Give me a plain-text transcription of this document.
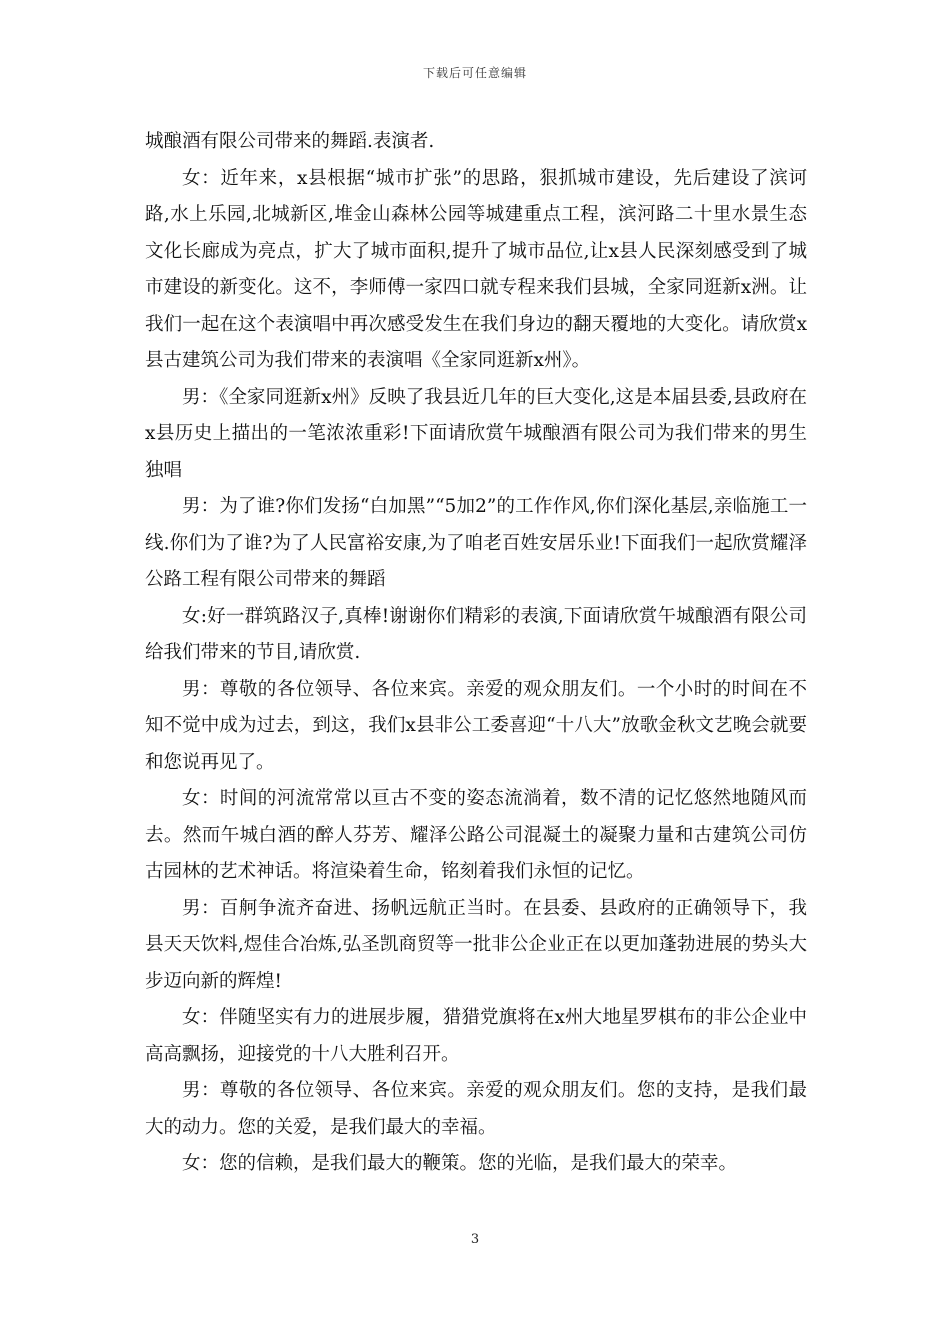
下载后可任意编辑

城酿酒有限公司带来的舞蹈.表演者.

女：近年来，x县根据“城市扩张”的思路，狠抓城市建设，先后建设了滨诃路,水上乐园,北城新区,堆金山森林公园等城建重点工程，滨河路二十里水景生态文化长廊成为亮点，扩大了城市面积,提升了城市品位,让x县人民深刻感受到了城市建设的新变化。这不，李师傅一家四口就专程来我们县城，全家同逛新x洲。让我们一起在这个表演唱中再次感受发生在我们身边的翻天覆地的大变化。请欣赏x县古建筑公司为我们带来的表演唱《全家同逛新x州》。

男：《全家同逛新x州》反映了我县近几年的巨大变化,这是本届县委,县政府在x县历史上描出的一笔浓浓重彩!下面请欣赏午城酿酒有限公司为我们带来的男生独唱

男：为了谁?你们发扬“白加黑”“5加2”的工作作风,你们深化基层,亲临施工一线.你们为了谁?为了人民富裕安康,为了咱老百姓安居乐业!下面我们一起欣赏耀泽公路工程有限公司带来的舞蹈

女:好一群筑路汉子,真棒!谢谢你们精彩的表演,下面请欣赏午城酿酒有限公司给我们带来的节目,请欣赏.

男：尊敬的各位领导、各位来宾。亲爱的观众朋友们。一个小时的时间在不知不觉中成为过去，到这，我们x县非公工委喜迎“十八大”放歌金秋文艺晚会就要和您说再见了。

女：时间的河流常常以亘古不变的姿态流淌着，数不清的记忆悠然地随风而去。然而午城白酒的醉人芬芳、耀泽公路公司混凝土的凝聚力量和古建筑公司仿古园林的艺术神话。将渲染着生命，铭刻着我们永恒的记忆。

男：百舸争流齐奋进、扬帆远航正当时。在县委、县政府的正确领导下，我县天天饮料,煜佳合冶炼,弘圣凯商贸等一批非公企业正在以更加蓬勃进展的势头大步迈向新的辉煌!

女：伴随坚实有力的进展步履，猎猎党旗将在x州大地星罗棋布的非公企业中高高飘扬，迎接党的十八大胜利召开。

男：尊敬的各位领导、各位来宾。亲爱的观众朋友们。您的支持，是我们最大的动力。您的关爱，是我们最大的幸福。

女：您的信赖，是我们最大的鞭策。您的光临，是我们最大的荣幸。

3
